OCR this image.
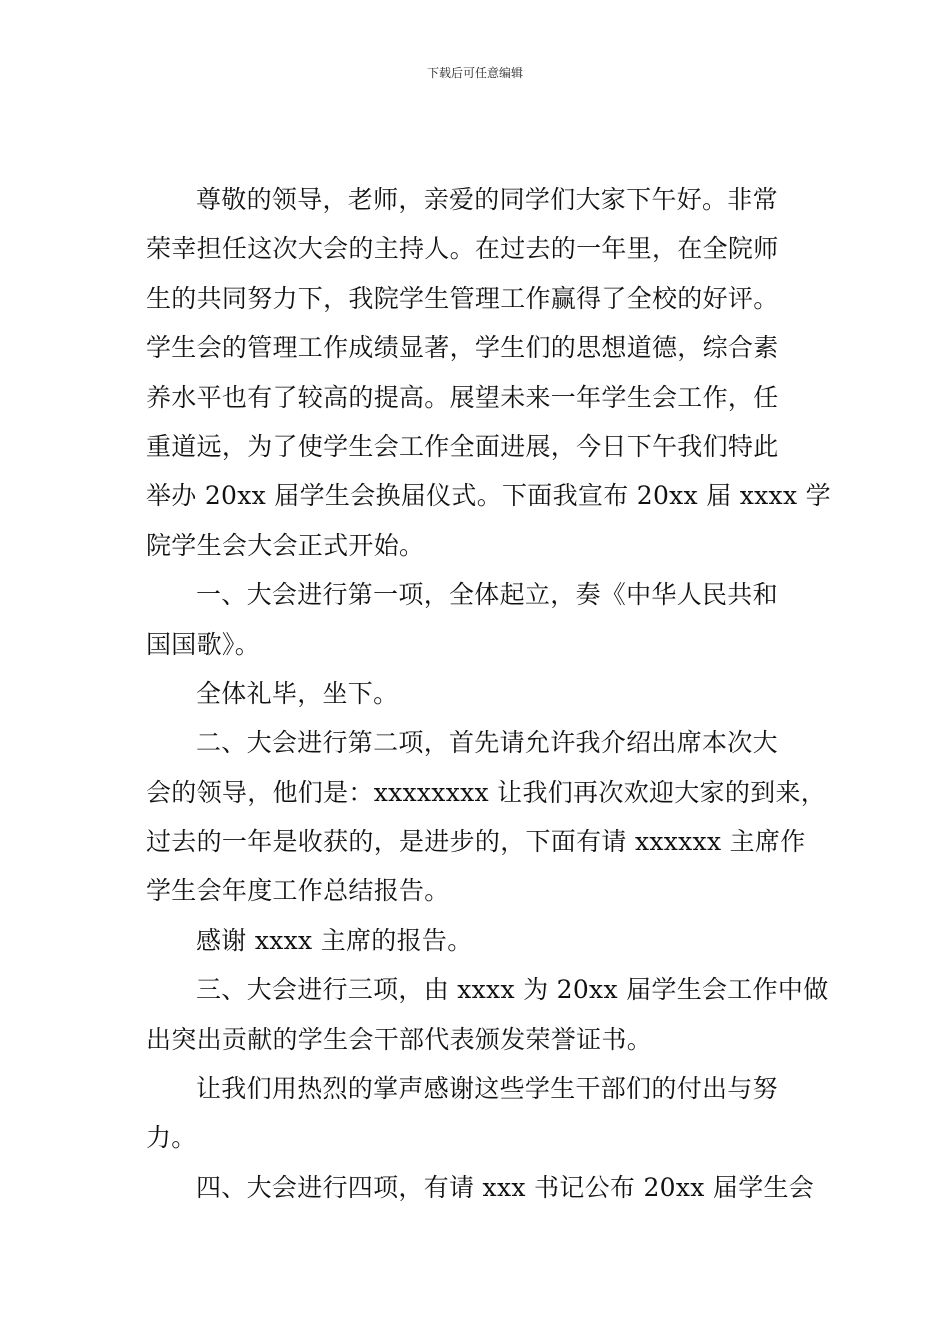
下载后可任意编辑
尊敬的领导，老师，亲爱的同学们大家下午好。非常
荣幸担任这次大会的主持人。在过去的一年里，在全院师
生的共同努力下，我院学生管理工作赢得了全校的好评。
学生会的管理工作成绩显著，学生们的思想道德，综合素
养水平也有了较高的提高。展望未来一年学生会工作，任
重道远，为了使学生会工作全面进展，今日下午我们特此
举办 20xx 届学生会换届仪式。下面我宣布 20xx 届 xxxx 学
院学生会大会正式开始。
一、大会进行第一项，全体起立，奏《中华人民共和
国国歌》。
全体礼毕，坐下。
二、大会进行第二项，首先请允许我介绍出席本次大
会的领导，他们是：xxxxxxxx 让我们再次欢迎大家的到来，
过去的一年是收获的，是进步的，下面有请 xxxxxx 主席作
学生会年度工作总结报告。
感谢 xxxx 主席的报告。
三、大会进行三项，由 xxxx 为 20xx 届学生会工作中做
出突出贡献的学生会干部代表颁发荣誉证书。
让我们用热烈的掌声感谢这些学生干部们的付出与努
力。
四、大会进行四项，有请 xxx 书记公布 20xx 届学生会
